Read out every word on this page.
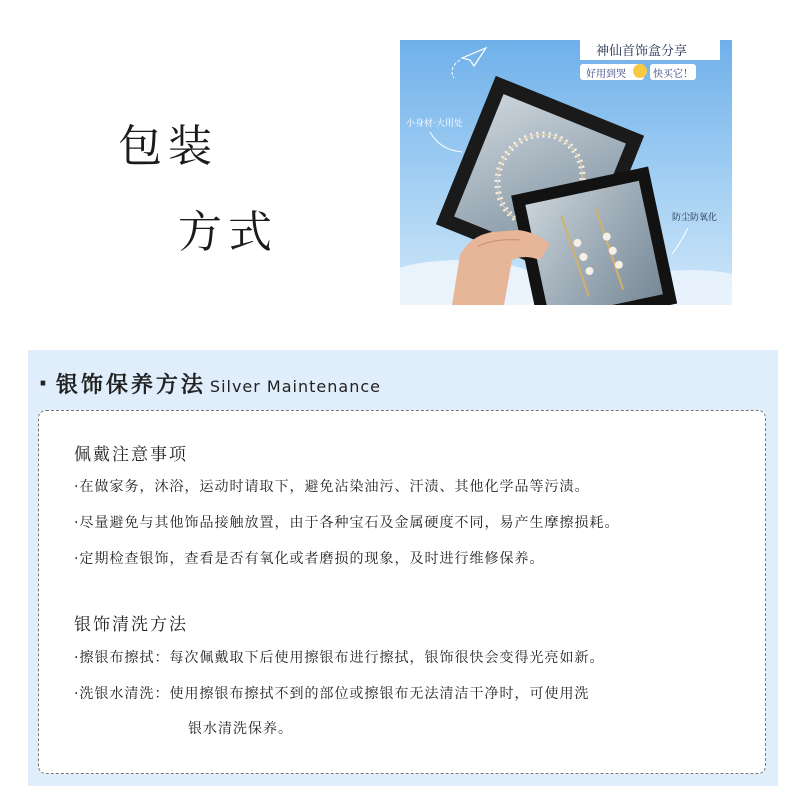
包装
方式
神仙首饰盒分享
好用到哭	快买它！
小身材·大用处
防尘防氧化
· 银饰保养方法 Silver Maintenance
佩戴注意事项
·在做家务，沐浴，运动时请取下，避免沾染油污、汗渍、其他化学品等污渍。
·尽量避免与其他饰品接触放置，由于各种宝石及金属硬度不同，易产生摩擦损耗。
·定期检查银饰，查看是否有氧化或者磨损的现象，及时进行维修保养。
银饰清洗方法
·擦银布擦拭：每次佩戴取下后使用擦银布进行擦拭，银饰很快会变得光亮如新。
·洗银水清洗：使用擦银布擦拭不到的部位或擦银布无法清洁干净时，可使用洗
银水清洗保养。
